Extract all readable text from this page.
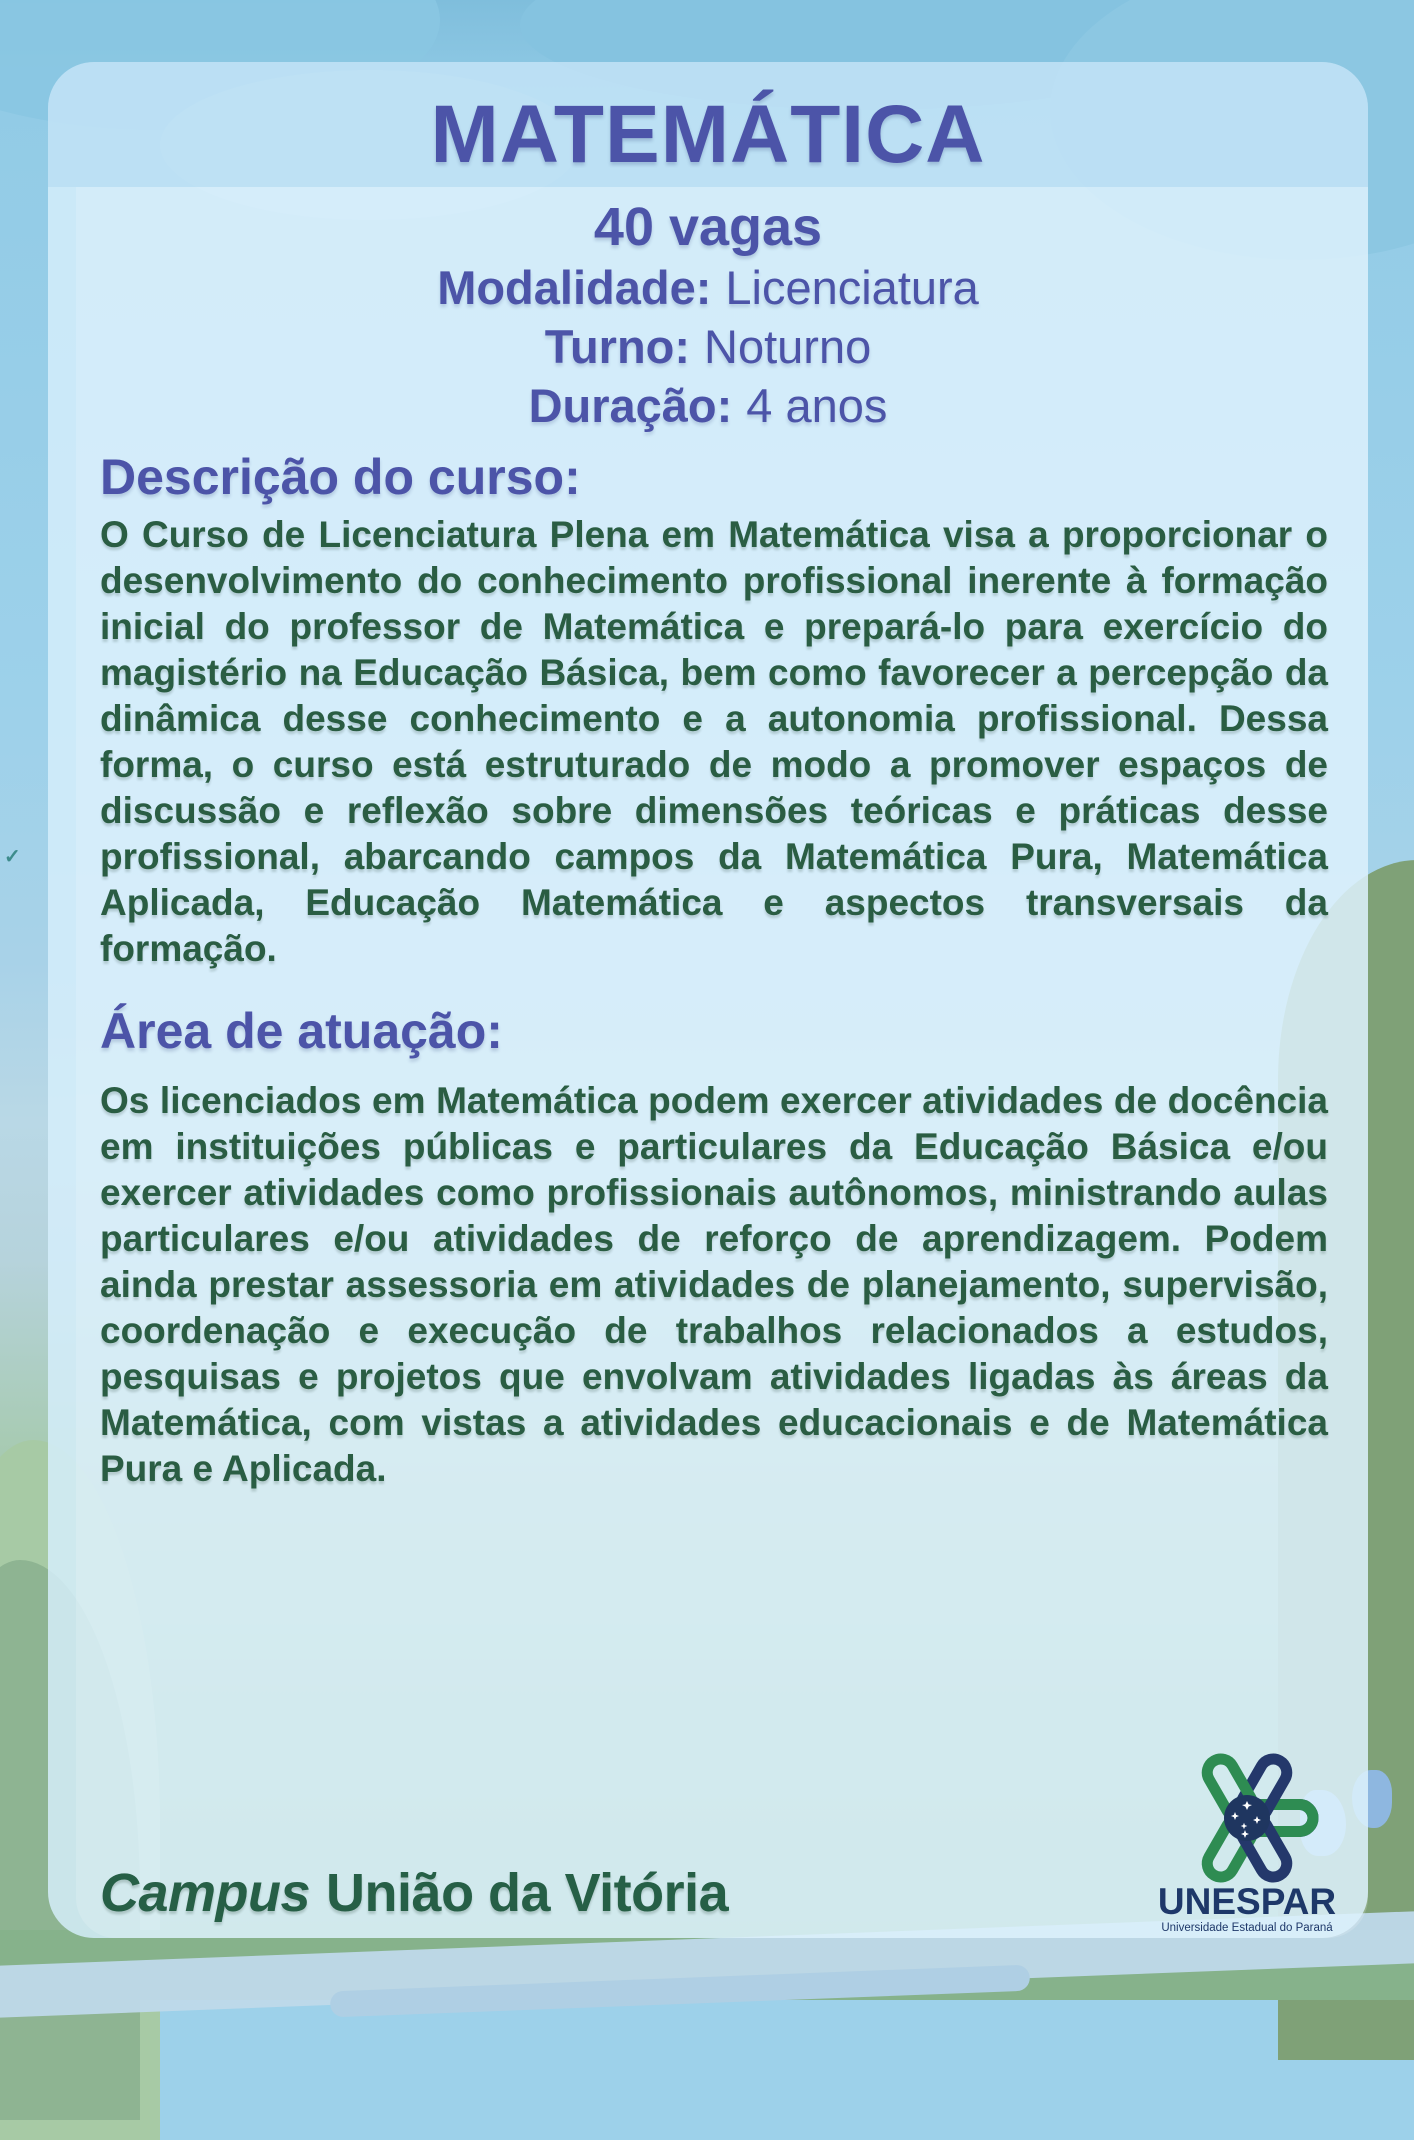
✓
MATEMÁTICA
40 vagas
Modalidade: Licenciatura
Turno: Noturno
Duração: 4 anos
Descrição do curso:
O Curso de Licenciatura Plena em Matemática visa a proporcionar o desenvolvimento do conhecimento profissional inerente à formação inicial do professor de Matemática e prepará-lo para exercício do magistério na Educação Básica, bem como favorecer a percepção da dinâmica desse conhecimento e a autonomia profissional. Dessa forma, o curso está estruturado de modo a promover espaços de discussão e reflexão sobre dimensões teóricas e práticas desse profissional, abarcando campos da Matemática Pura, Matemática Aplicada, Educação Matemática e aspectos transversais da formação.
Área de atuação:
Os licenciados em Matemática podem exercer atividades de docência em instituições públicas e particulares da Educação Básica e/ou exercer atividades como profissionais autônomos, ministrando aulas particulares e/ou atividades de reforço de aprendizagem. Podem ainda prestar assessoria em atividades de planejamento, supervisão, coordenação e execução de trabalhos relacionados a estudos, pesquisas e projetos que envolvam atividades ligadas às áreas da Matemática, com vistas a atividades educacionais e de Matemática Pura e Aplicada.
Campus União da Vitória	UNESPAR
Universidade Estadual do Paraná
